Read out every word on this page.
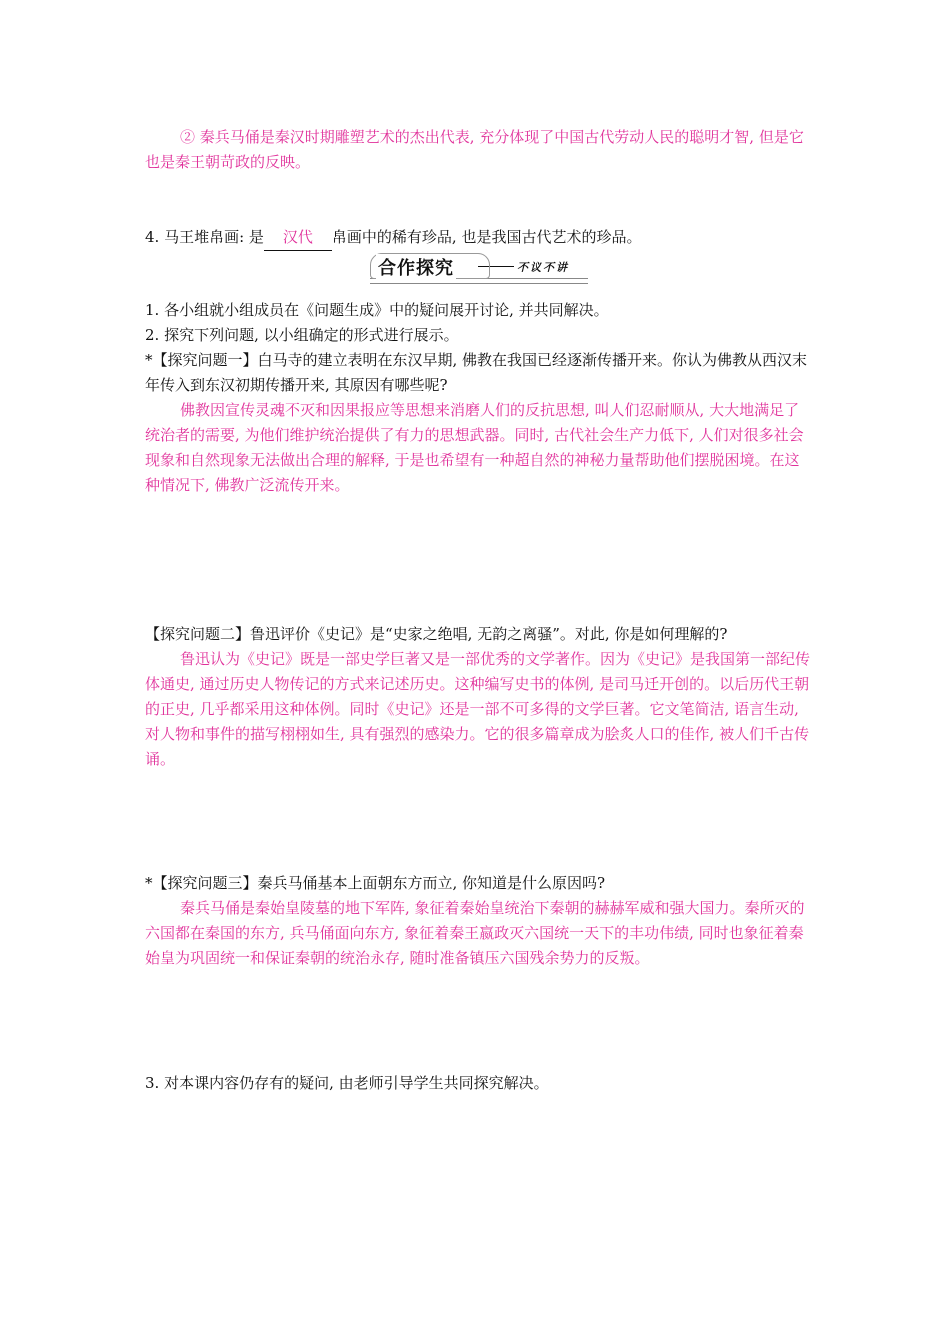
② 秦兵马俑是秦汉时期雕塑艺术的杰出代表, 充分体现了中国古代劳动人民的聪明才智, 但是它也是秦王朝苛政的反映。

4. 马王堆帛画: 是 汉代 帛画中的稀有珍品, 也是我国古代艺术的珍品。
合作探究	不议不讲

1. 各小组就小组成员在《问题生成》中的疑问展开讨论, 并共同解决。

2. 探究下列问题, 以小组确定的形式进行展示。

*【探究问题一】白马寺的建立表明在东汉早期, 佛教在我国已经逐渐传播开来。你认为佛教从西汉末年传入到东汉初期传播开来, 其原因有哪些呢?

佛教因宣传灵魂不灭和因果报应等思想来消磨人们的反抗思想, 叫人们忍耐顺从, 大大地满足了统治者的需要, 为他们维护统治提供了有力的思想武器。同时, 古代社会生产力低下, 人们对很多社会现象和自然现象无法做出合理的解释, 于是也希望有一种超自然的神秘力量帮助他们摆脱困境。在这种情况下, 佛教广泛流传开来。

【探究问题二】鲁迅评价《史记》是“史家之绝唱, 无韵之离骚”。对此, 你是如何理解的?

鲁迅认为《史记》既是一部史学巨著又是一部优秀的文学著作。因为《史记》是我国第一部纪传体通史, 通过历史人物传记的方式来记述历史。这种编写史书的体例, 是司马迁开创的。以后历代王朝的正史, 几乎都采用这种体例。同时《史记》还是一部不可多得的文学巨著。它文笔简洁, 语言生动, 对人物和事件的描写栩栩如生, 具有强烈的感染力。它的很多篇章成为脍炙人口的佳作, 被人们千古传诵。

*【探究问题三】秦兵马俑基本上面朝东方而立, 你知道是什么原因吗?

秦兵马俑是秦始皇陵墓的地下军阵, 象征着秦始皇统治下秦朝的赫赫军威和强大国力。秦所灭的六国都在秦国的东方, 兵马俑面向东方, 象征着秦王嬴政灭六国统一天下的丰功伟绩, 同时也象征着秦始皇为巩固统一和保证秦朝的统治永存, 随时准备镇压六国残余势力的反叛。

3. 对本课内容仍存有的疑问, 由老师引导学生共同探究解决。
